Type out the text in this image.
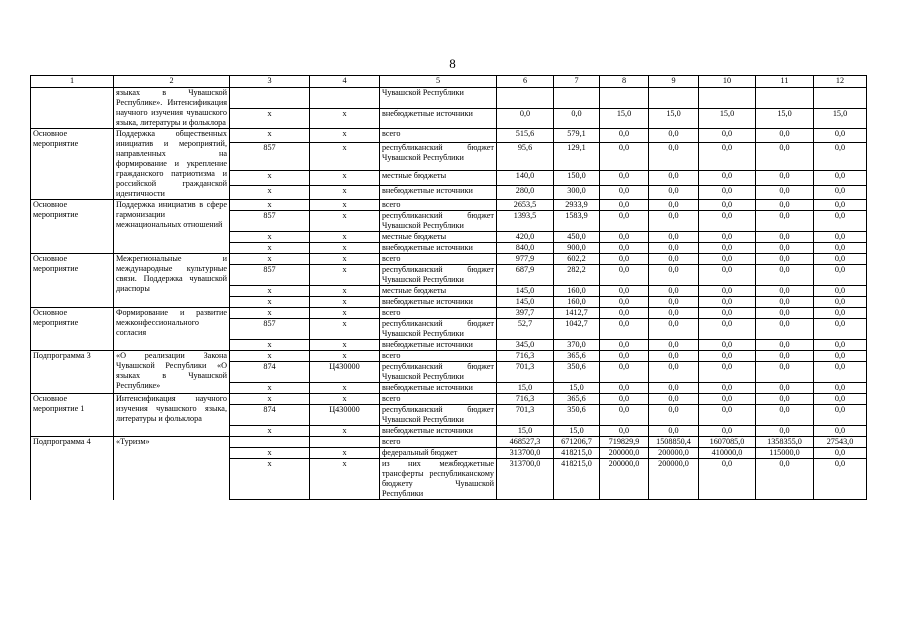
8
1	2	3	4	5	6	7	8	9	10	11	12
	языках в Чувашской Республике». Интенсификация научного изучения чувашского языка, литературы и фольклора			Чувашской Республики							
		х	х	внебюджетные источники	0,0	0,0	15,0	15,0	15,0	15,0	15,0
Основное мероприятие	Поддержка общественных инициатив и мероприятий, направленных на формирование и укрепление гражданского патриотизма и российской гражданской идентичности	х	х	всего	515,6	579,1	0,0	0,0	0,0	0,0	0,0
		857	х	республиканский бюджет Чувашской Республики	95,6	129,1	0,0	0,0	0,0	0,0	0,0
		х	х	местные бюджеты	140,0	150,0	0,0	0,0	0,0	0,0	0,0
		х	х	внебюджетные источники	280,0	300,0	0,0	0,0	0,0	0,0	0,0
Основное мероприятие	Поддержка инициатив в сфере гармонизации межнациональных отношений	х	х	всего	2653,5	2933,9	0,0	0,0	0,0	0,0	0,0
		857	х	республиканский бюджет Чувашской Республики	1393,5	1583,9	0,0	0,0	0,0	0,0	0,0
		х	х	местные бюджеты	420,0	450,0	0,0	0,0	0,0	0,0	0,0
		х	х	внебюджетные источники	840,0	900,0	0,0	0,0	0,0	0,0	0,0
Основное мероприятие	Межрегиональные и международные культурные связи. Поддержка чувашской диаспоры	х	х	всего	977,9	602,2	0,0	0,0	0,0	0,0	0,0
		857	х	республиканский бюджет Чувашской Республики	687,9	282,2	0,0	0,0	0,0	0,0	0,0
		х	х	местные бюджеты	145,0	160,0	0,0	0,0	0,0	0,0	0,0
		х	х	внебюджетные источники	145,0	160,0	0,0	0,0	0,0	0,0	0,0
Основное мероприятие	Формирование и развитие межконфессионального согласия	х	х	всего	397,7	1412,7	0,0	0,0	0,0	0,0	0,0
		857	х	республиканский бюджет Чувашской Республики	52,7	1042,7	0,0	0,0	0,0	0,0	0,0
		х	х	внебюджетные источники	345,0	370,0	0,0	0,0	0,0	0,0	0,0
Подпрограмма 3	«О реализации Закона Чувашской Республики «О языках в Чувашской Республике»	х	х	всего	716,3	365,6	0,0	0,0	0,0	0,0	0,0
		874	Ц430000	республиканский бюджет Чувашской Республики	701,3	350,6	0,0	0,0	0,0	0,0	0,0
		х	х	внебюджетные источники	15,0	15,0	0,0	0,0	0,0	0,0	0,0
Основное мероприятие 1	Интенсификация научного изучения чувашского языка, литературы и фольклора	х	х	всего	716,3	365,6	0,0	0,0	0,0	0,0	0,0
		874	Ц430000	республиканский бюджет Чувашской Республики	701,3	350,6	0,0	0,0	0,0	0,0	0,0
		х	х	внебюджетные источники	15,0	15,0	0,0	0,0	0,0	0,0	0,0
Подпрограмма 4	«Туризм»			всего	468527,3	671206,7	719829,9	1508850,4	1607085,0	1358355,0	27543,0
		х	х	федеральный бюджет	313700,0	418215,0	200000,0	200000,0	410000,0	115000,0	0,0
		х	х	из них межбюджетные трансферты республиканскому бюджету Чувашской Республики	313700,0	418215,0	200000,0	200000,0	0,0	0,0	0,0
